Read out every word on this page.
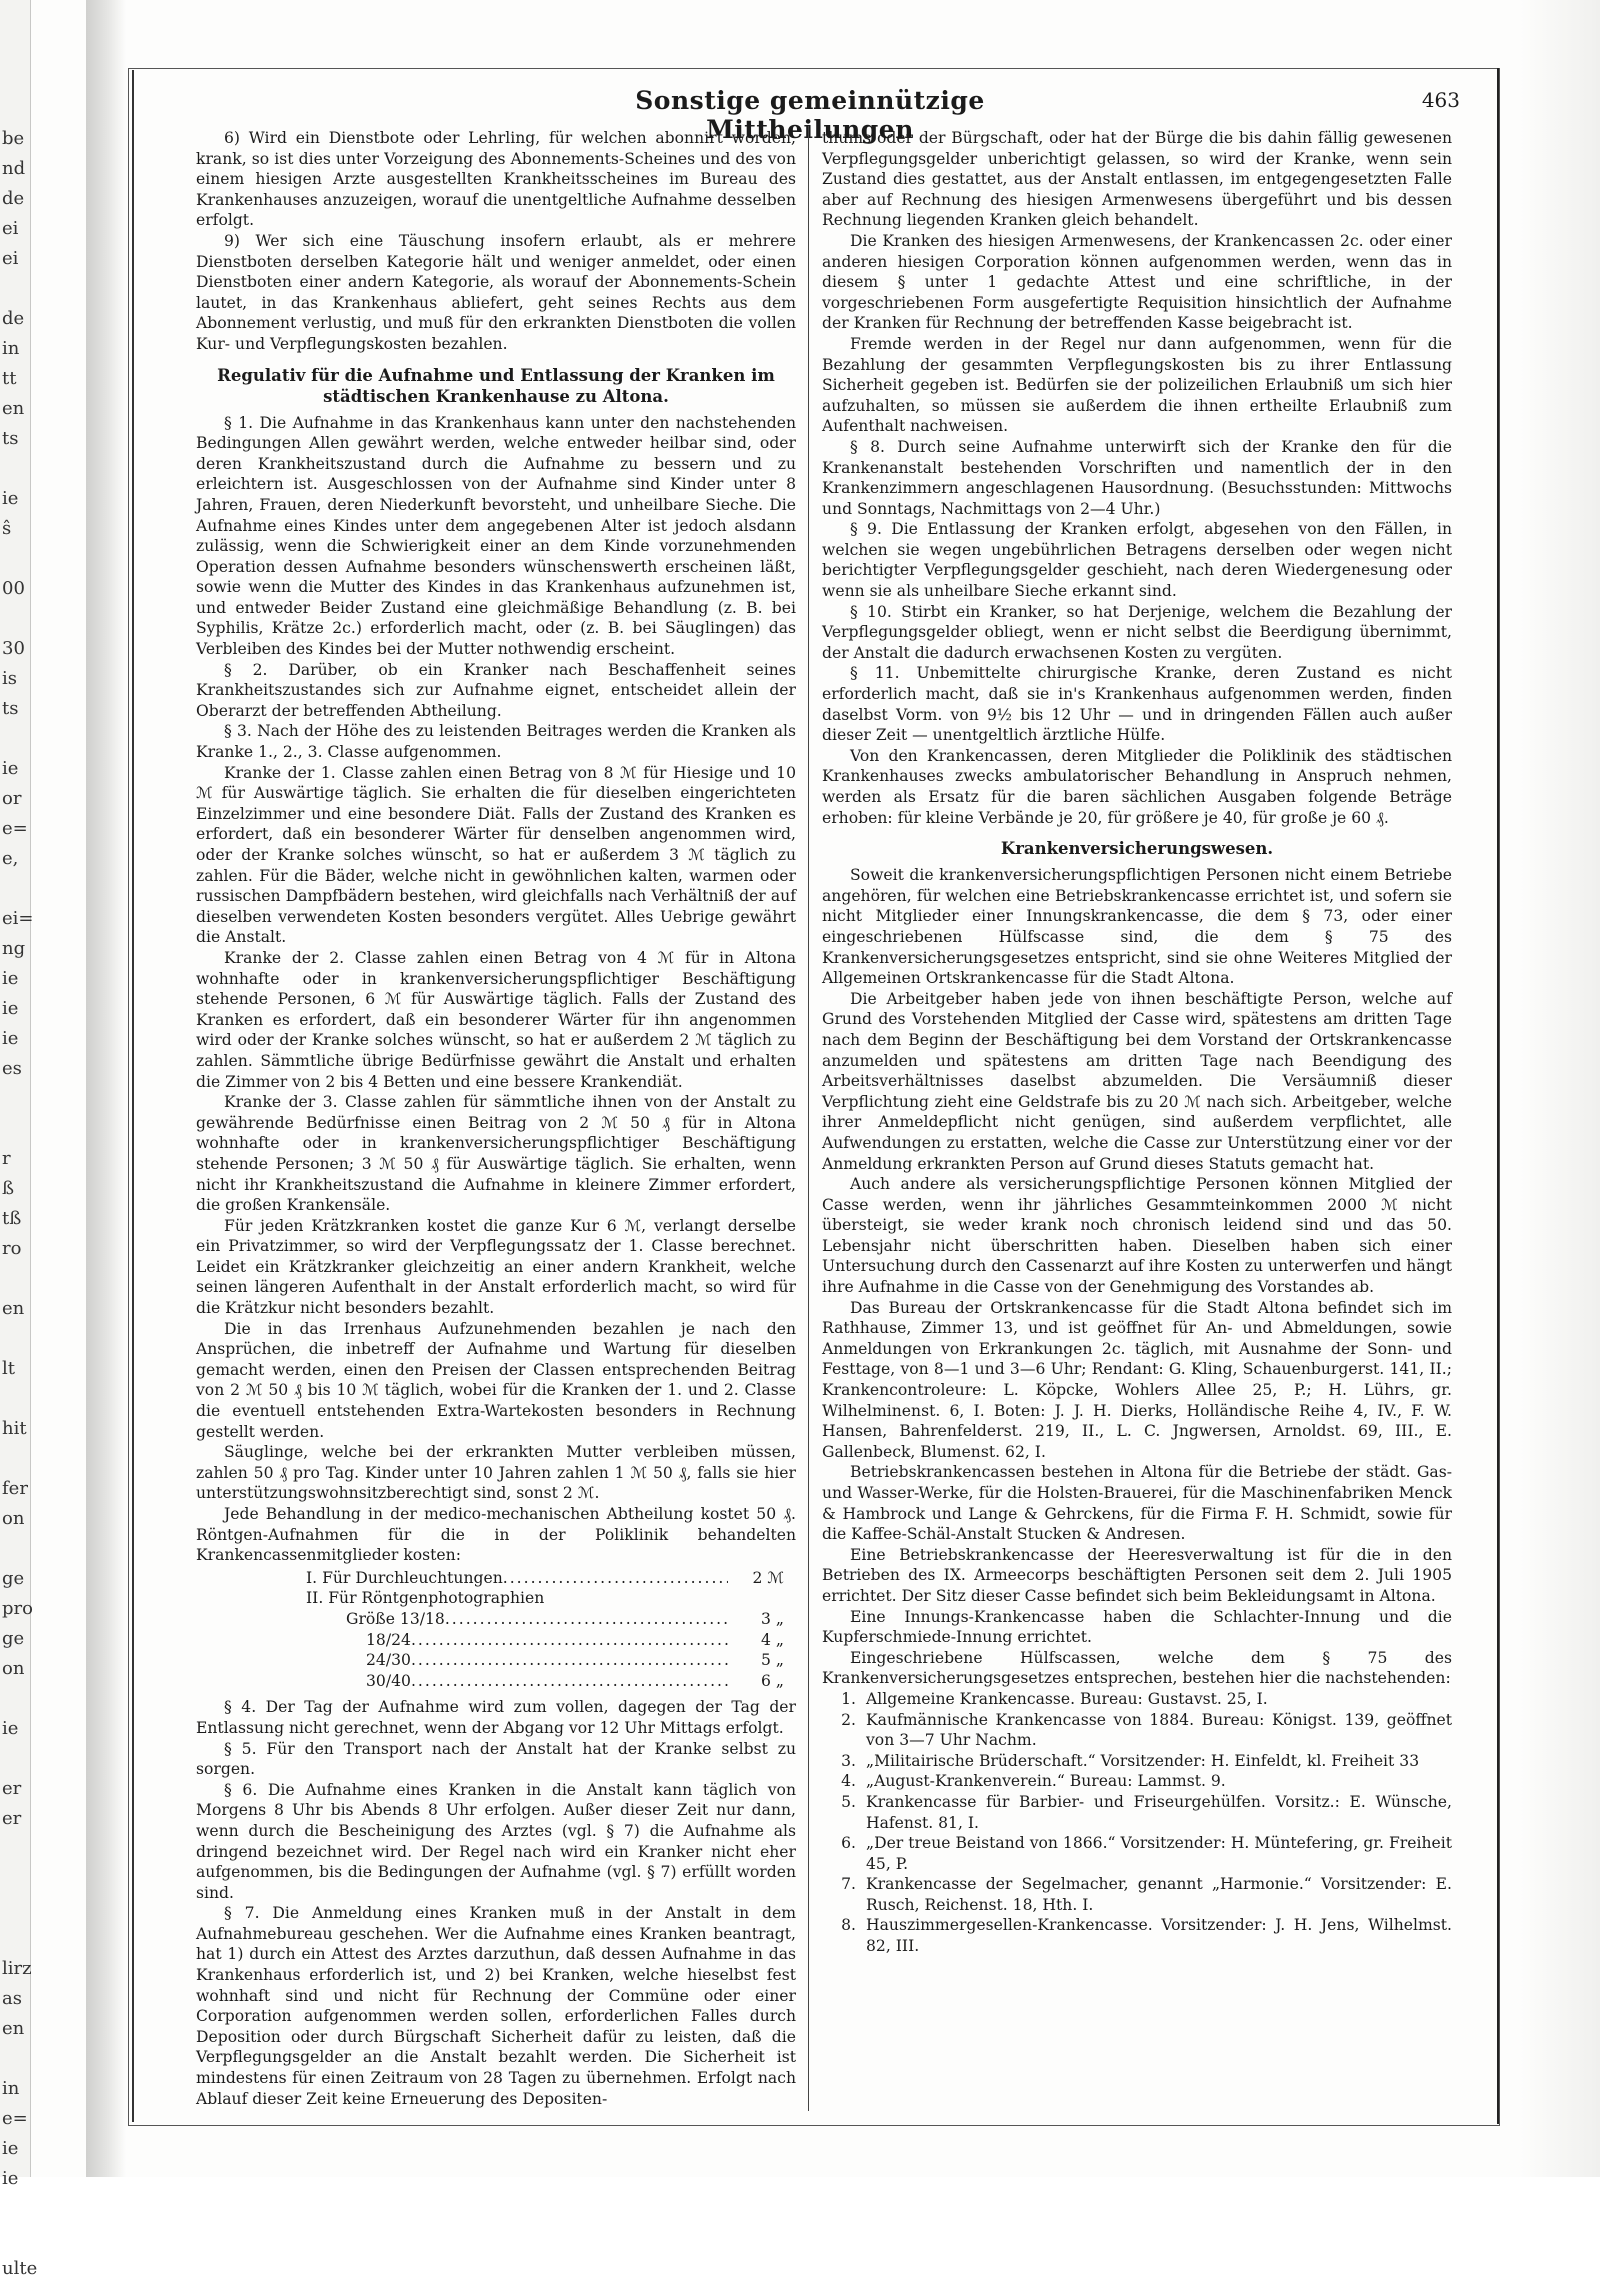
be
nd
de
ei
ei
de
in
tt
en
ts
ie
ŝ
00
30
is
ts
ie
or
e=
e,
ei=
ng
ie
ie
ie
es
r
ß
tß
ro
en
lt
hit
fer
on
ge
pro
ge
on
ie
er
er
lirz
as
en
in
e=
ie
ie
ulte
Sonstige gemeinnützige Mittheilungen
463

6) Wird ein Dienstbote oder Lehrling, für welchen abonnirt worden, krank, so ist dies unter Vorzeigung des Abonnements-Scheines und des von einem hiesigen Arzte ausgestellten Krankheitsscheines im Bureau des Krankenhauses anzuzeigen, worauf die unentgeltliche Aufnahme desselben erfolgt.

9) Wer sich eine Täuschung insofern erlaubt, als er mehrere Dienstboten derselben Kategorie hält und weniger anmeldet, oder einen Dienstboten einer andern Kategorie, als worauf der Abonnements-Schein lautet, in das Krankenhaus abliefert, geht seines Rechts aus dem Abonnement verlustig, und muß für den erkrankten Dienstboten die vollen Kur- und Verpflegungskosten bezahlen.

Regulativ für die Aufnahme und Entlassung der Kranken im städtischen Krankenhause zu Altona.

§ 1. Die Aufnahme in das Krankenhaus kann unter den nachstehenden Bedingungen Allen gewährt werden, welche entweder heilbar sind, oder deren Krankheitszustand durch die Aufnahme zu bessern und zu erleichtern ist. Ausgeschlossen von der Aufnahme sind Kinder unter 8 Jahren, Frauen, deren Niederkunft bevorsteht, und unheilbare Sieche. Die Aufnahme eines Kindes unter dem angegebenen Alter ist jedoch alsdann zulässig, wenn die Schwierigkeit einer an dem Kinde vorzunehmenden Operation dessen Aufnahme besonders wünschenswerth erscheinen läßt, sowie wenn die Mutter des Kindes in das Krankenhaus aufzunehmen ist, und entweder Beider Zustand eine gleichmäßige Behandlung (z. B. bei Syphilis, Krätze 2c.) erforderlich macht, oder (z. B. bei Säuglingen) das Verbleiben des Kindes bei der Mutter nothwendig erscheint.

§ 2. Darüber, ob ein Kranker nach Beschaffenheit seines Krankheitszustandes sich zur Aufnahme eignet, entscheidet allein der Oberarzt der betreffenden Abtheilung.

§ 3. Nach der Höhe des zu leistenden Beitrages werden die Kranken als Kranke 1., 2., 3. Classe aufgenommen.

Kranke der 1. Classe zahlen einen Betrag von 8 ℳ für Hiesige und 10 ℳ für Auswärtige täglich. Sie erhalten die für dieselben eingerichteten Einzelzimmer und eine besondere Diät. Falls der Zustand des Kranken es erfordert, daß ein besonderer Wärter für denselben angenommen wird, oder der Kranke solches wünscht, so hat er außerdem 3 ℳ täglich zu zahlen. Für die Bäder, welche nicht in gewöhnlichen kalten, warmen oder russischen Dampfbädern bestehen, wird gleichfalls nach Verhältniß der auf dieselben verwendeten Kosten besonders vergütet. Alles Uebrige gewährt die Anstalt.

Kranke der 2. Classe zahlen einen Betrag von 4 ℳ für in Altona wohnhafte oder in krankenversicherungspflichtiger Beschäftigung stehende Personen, 6 ℳ für Auswärtige täglich. Falls der Zustand des Kranken es erfordert, daß ein besonderer Wärter für ihn angenommen wird oder der Kranke solches wünscht, so hat er außerdem 2 ℳ täglich zu zahlen. Sämmtliche übrige Bedürfnisse gewährt die Anstalt und erhalten die Zimmer von 2 bis 4 Betten und eine bessere Krankendiät.

Kranke der 3. Classe zahlen für sämmtliche ihnen von der Anstalt zu gewährende Bedürfnisse einen Beitrag von 2 ℳ 50 ₰ für in Altona wohnhafte oder in krankenversicherungspflichtiger Beschäftigung stehende Personen; 3 ℳ 50 ₰ für Auswärtige täglich. Sie erhalten, wenn nicht ihr Krankheitszustand die Aufnahme in kleinere Zimmer erfordert, die großen Krankensäle.

Für jeden Krätzkranken kostet die ganze Kur 6 ℳ, verlangt derselbe ein Privatzimmer, so wird der Verpflegungssatz der 1. Classe berechnet. Leidet ein Krätzkranker gleichzeitig an einer andern Krankheit, welche seinen längeren Aufenthalt in der Anstalt erforderlich macht, so wird für die Krätzkur nicht besonders bezahlt.

Die in das Irrenhaus Aufzunehmenden bezahlen je nach den Ansprüchen, die inbetreff der Aufnahme und Wartung für dieselben gemacht werden, einen den Preisen der Classen entsprechenden Beitrag von 2 ℳ 50 ₰ bis 10 ℳ täglich, wobei für die Kranken der 1. und 2. Classe die eventuell entstehenden Extra-Wartekosten besonders in Rechnung gestellt werden.

Säuglinge, welche bei der erkrankten Mutter verbleiben müssen, zahlen 50 ₰ pro Tag. Kinder unter 10 Jahren zahlen 1 ℳ 50 ₰, falls sie hier unterstützungswohnsitzberechtigt sind, sonst 2 ℳ.

Jede Behandlung in der medico-mechanischen Abtheilung kostet 50 ₰. Röntgen-Aufnahmen für die in der Poliklinik behandelten Krankencassenmitglieder kosten:

I. Für Durchleuchtungen .....	2 ℳ
II. Für Röntgenphotographien
Größe 13/18 .....	3 „
18/24 .....	4 „
24/30 .....	5 „
30/40 .....	6 „

§ 4. Der Tag der Aufnahme wird zum vollen, dagegen der Tag der Entlassung nicht gerechnet, wenn der Abgang vor 12 Uhr Mittags erfolgt.

§ 5. Für den Transport nach der Anstalt hat der Kranke selbst zu sorgen.

§ 6. Die Aufnahme eines Kranken in die Anstalt kann täglich von Morgens 8 Uhr bis Abends 8 Uhr erfolgen. Außer dieser Zeit nur dann, wenn durch die Bescheinigung des Arztes (vgl. § 7) die Aufnahme als dringend bezeichnet wird. Der Regel nach wird ein Kranker nicht eher aufgenommen, bis die Bedingungen der Aufnahme (vgl. § 7) erfüllt worden sind.

§ 7. Die Anmeldung eines Kranken muß in der Anstalt in dem Aufnahmebureau geschehen. Wer die Aufnahme eines Kranken beantragt, hat 1) durch ein Attest des Arztes darzuthun, daß dessen Aufnahme in das Krankenhaus erforderlich ist, und 2) bei Kranken, welche hieselbst fest wohnhaft sind und nicht für Rechnung der Commüne oder einer Corporation aufgenommen werden sollen, erforderlichen Falles durch Deposition oder durch Bürgschaft Sicherheit dafür zu leisten, daß die Verpflegungsgelder an die Anstalt bezahlt werden. Die Sicherheit ist mindestens für einen Zeitraum von 28 Tagen zu übernehmen. Erfolgt nach Ablauf dieser Zeit keine Erneuerung des Depositen-

thums oder der Bürgschaft, oder hat der Bürge die bis dahin fällig gewesenen Verpflegungsgelder unberichtigt gelassen, so wird der Kranke, wenn sein Zustand dies gestattet, aus der Anstalt entlassen, im entgegengesetzten Falle aber auf Rechnung des hiesigen Armenwesens übergeführt und bis dessen Rechnung liegenden Kranken gleich behandelt.

Die Kranken des hiesigen Armenwesens, der Krankencassen 2c. oder einer anderen hiesigen Corporation können aufgenommen werden, wenn das in diesem § unter 1 gedachte Attest und eine schriftliche, in der vorgeschriebenen Form ausgefertigte Requisition hinsichtlich der Aufnahme der Kranken für Rechnung der betreffenden Kasse beigebracht ist.

Fremde werden in der Regel nur dann aufgenommen, wenn für die Bezahlung der gesammten Verpflegungskosten bis zu ihrer Entlassung Sicherheit gegeben ist. Bedürfen sie der polizeilichen Erlaubniß um sich hier aufzuhalten, so müssen sie außerdem die ihnen ertheilte Erlaubniß zum Aufenthalt nachweisen.

§ 8. Durch seine Aufnahme unterwirft sich der Kranke den für die Krankenanstalt bestehenden Vorschriften und namentlich der in den Krankenzimmern angeschlagenen Hausordnung. (Besuchsstunden: Mittwochs und Sonntags, Nachmittags von 2—4 Uhr.)

§ 9. Die Entlassung der Kranken erfolgt, abgesehen von den Fällen, in welchen sie wegen ungebührlichen Betragens derselben oder wegen nicht berichtigter Verpflegungsgelder geschieht, nach deren Wiedergenesung oder wenn sie als unheilbare Sieche erkannt sind.

§ 10. Stirbt ein Kranker, so hat Derjenige, welchem die Bezahlung der Verpflegungsgelder obliegt, wenn er nicht selbst die Beerdigung übernimmt, der Anstalt die dadurch erwachsenen Kosten zu vergüten.

§ 11. Unbemittelte chirurgische Kranke, deren Zustand es nicht erforderlich macht, daß sie in's Krankenhaus aufgenommen werden, finden daselbst Vorm. von 9½ bis 12 Uhr — und in dringenden Fällen auch außer dieser Zeit — unentgeltlich ärztliche Hülfe.

Von den Krankencassen, deren Mitglieder die Poliklinik des städtischen Krankenhauses zwecks ambulatorischer Behandlung in Anspruch nehmen, werden als Ersatz für die baren sächlichen Ausgaben folgende Beträge erhoben: für kleine Verbände je 20, für größere je 40, für große je 60 ₰.

Krankenversicherungswesen.

Soweit die krankenversicherungspflichtigen Personen nicht einem Betriebe angehören, für welchen eine Betriebskrankencasse errichtet ist, und sofern sie nicht Mitglieder einer Innungskrankencasse, die dem § 73, oder einer eingeschriebenen Hülfscasse sind, die dem § 75 des Krankenversicherungsgesetzes entspricht, sind sie ohne Weiteres Mitglied der Allgemeinen Ortskrankencasse für die Stadt Altona.

Die Arbeitgeber haben jede von ihnen beschäftigte Person, welche auf Grund des Vorstehenden Mitglied der Casse wird, spätestens am dritten Tage nach dem Beginn der Beschäftigung bei dem Vorstand der Ortskrankencasse anzumelden und spätestens am dritten Tage nach Beendigung des Arbeitsverhältnisses daselbst abzumelden. Die Versäumniß dieser Verpflichtung zieht eine Geldstrafe bis zu 20 ℳ nach sich. Arbeitgeber, welche ihrer Anmeldepflicht nicht genügen, sind außerdem verpflichtet, alle Aufwendungen zu erstatten, welche die Casse zur Unterstützung einer vor der Anmeldung erkrankten Person auf Grund dieses Statuts gemacht hat.

Auch andere als versicherungspflichtige Personen können Mitglied der Casse werden, wenn ihr jährliches Gesammteinkommen 2000 ℳ nicht übersteigt, sie weder krank noch chronisch leidend sind und das 50. Lebensjahr nicht überschritten haben. Dieselben haben sich einer Untersuchung durch den Cassenarzt auf ihre Kosten zu unterwerfen und hängt ihre Aufnahme in die Casse von der Genehmigung des Vorstandes ab.

Das Bureau der Ortskrankencasse für die Stadt Altona befindet sich im Rathhause, Zimmer 13, und ist geöffnet für An- und Abmeldungen, sowie Anmeldungen von Erkrankungen 2c. täglich, mit Ausnahme der Sonn- und Festtage, von 8—1 und 3—6 Uhr; Rendant: G. Kling, Schauenburgerst. 141, II.; Krankencontroleure: L. Köpcke, Wohlers Allee 25, P.; H. Lührs, gr. Wilhelminenst. 6, I. Boten: J. J. H. Dierks, Holländische Reihe 4, IV., F. W. Hansen, Bahrenfelderst. 219, II., L. C. Jngwersen, Arnoldst. 69, III., E. Gallenbeck, Blumenst. 62, I.

Betriebskrankencassen bestehen in Altona für die Betriebe der städt. Gas- und Wasser-Werke, für die Holsten-Brauerei, für die Maschinenfabriken Menck & Hambrock und Lange & Gehrckens, für die Firma F. H. Schmidt, sowie für die Kaffee-Schäl-Anstalt Stucken & Andresen.

Eine Betriebskrankencasse der Heeresverwaltung ist für die in den Betrieben des IX. Armeecorps beschäftigten Personen seit dem 2. Juli 1905 errichtet. Der Sitz dieser Casse befindet sich beim Bekleidungsamt in Altona.

Eine Innungs-Krankencasse haben die Schlachter-Innung und die Kupferschmiede-Innung errichtet.

Eingeschriebene Hülfscassen, welche dem § 75 des Krankenversicherungsgesetzes entsprechen, bestehen hier die nachstehenden:

1. Allgemeine Krankencasse. Bureau: Gustavst. 25, I.
2. Kaufmännische Krankencasse von 1884. Bureau: Königst. 139, geöffnet von 3—7 Uhr Nachm.
3. „Militairische Brüderschaft.“ Vorsitzender: H. Einfeldt, kl. Freiheit 33
4. „August-Krankenverein.“ Bureau: Lammst. 9.
5. Krankencasse für Barbier- und Friseurgehülfen. Vorsitz.: E. Wünsche, Hafenst. 81, I.
6. „Der treue Beistand von 1866.“ Vorsitzender: H. Müntefering, gr. Freiheit 45, P.
7. Krankencasse der Segelmacher, genannt „Harmonie.“ Vorsitzender: E. Rusch, Reichenst. 18, Hth. I.
8. Hauszimmergesellen-Krankencasse. Vorsitzender: J. H. Jens, Wilhelmst. 82, III.
